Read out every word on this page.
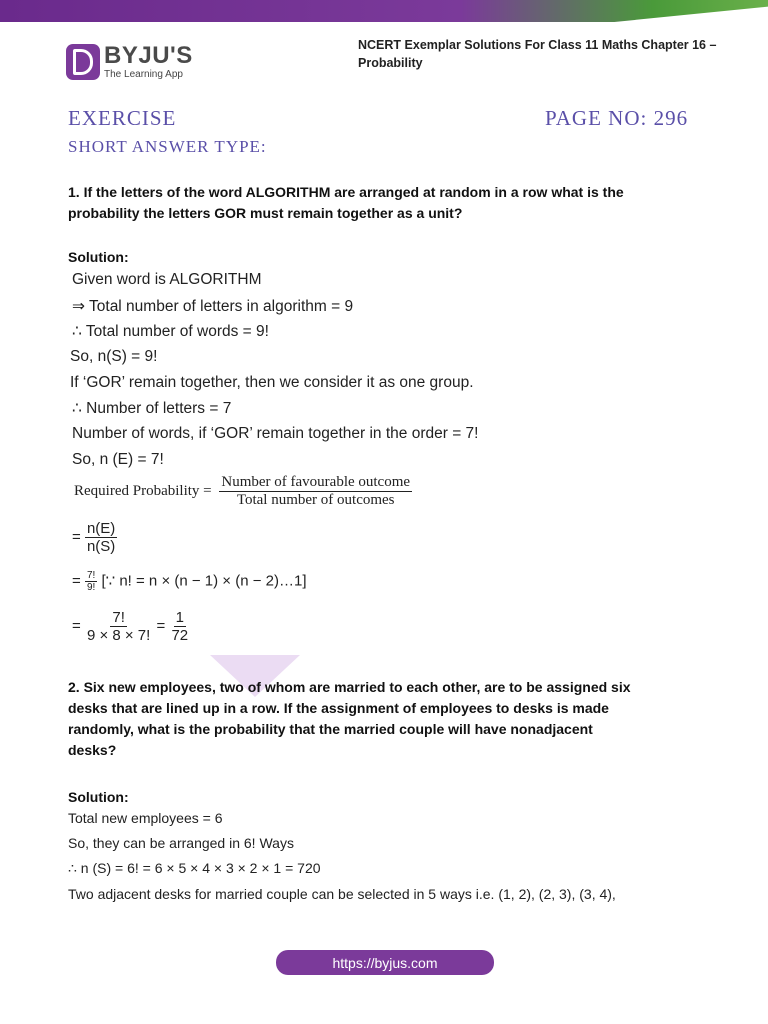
BYJU'S
The Learning App
NCERT Exemplar Solutions For Class 11 Maths Chapter 16 – Probability
EXERCISE	PAGE NO: 296
SHORT ANSWER TYPE:
1. If the letters of the word ALGORITHM are arranged at random in a row what is the
probability the letters GOR must remain together as a unit?
Solution:
Given word is ALGORITHM
⇒ Total number of letters in algorithm = 9
∴ Total number of words = 9!
So, n(S) = 9!
If ‘GOR’ remain together, then we consider it as one group.
∴ Number of letters = 7
Number of words, if ‘GOR’ remain together in the order = 7!
So, n (E) = 7!
Required Probability = $\frac{\text{Number of favourable outcome}}{\text{Total number of outcomes}}$
= $\frac{n(E)}{n(S)}$
= $\frac{7!}{9!}$ [∵ n! = n × (n − 1) × (n − 2)…1]
= $\frac{7!}{9 \times 8 \times 7!} = \frac{1}{72}$
2. Six new employees, two of whom are married to each other, are to be assigned six
desks that are lined up in a row. If the assignment of employees to desks is made
randomly, what is the probability that the married couple will have nonadjacent
desks?
Solution:
Total new employees = 6
So, they can be arranged in 6! Ways
∴ n (S) = 6! = 6 × 5 × 4 × 3 × 2 × 1 = 720
Two adjacent desks for married couple can be selected in 5 ways i.e. (1, 2), (2, 3), (3, 4),
https://byjus.com
